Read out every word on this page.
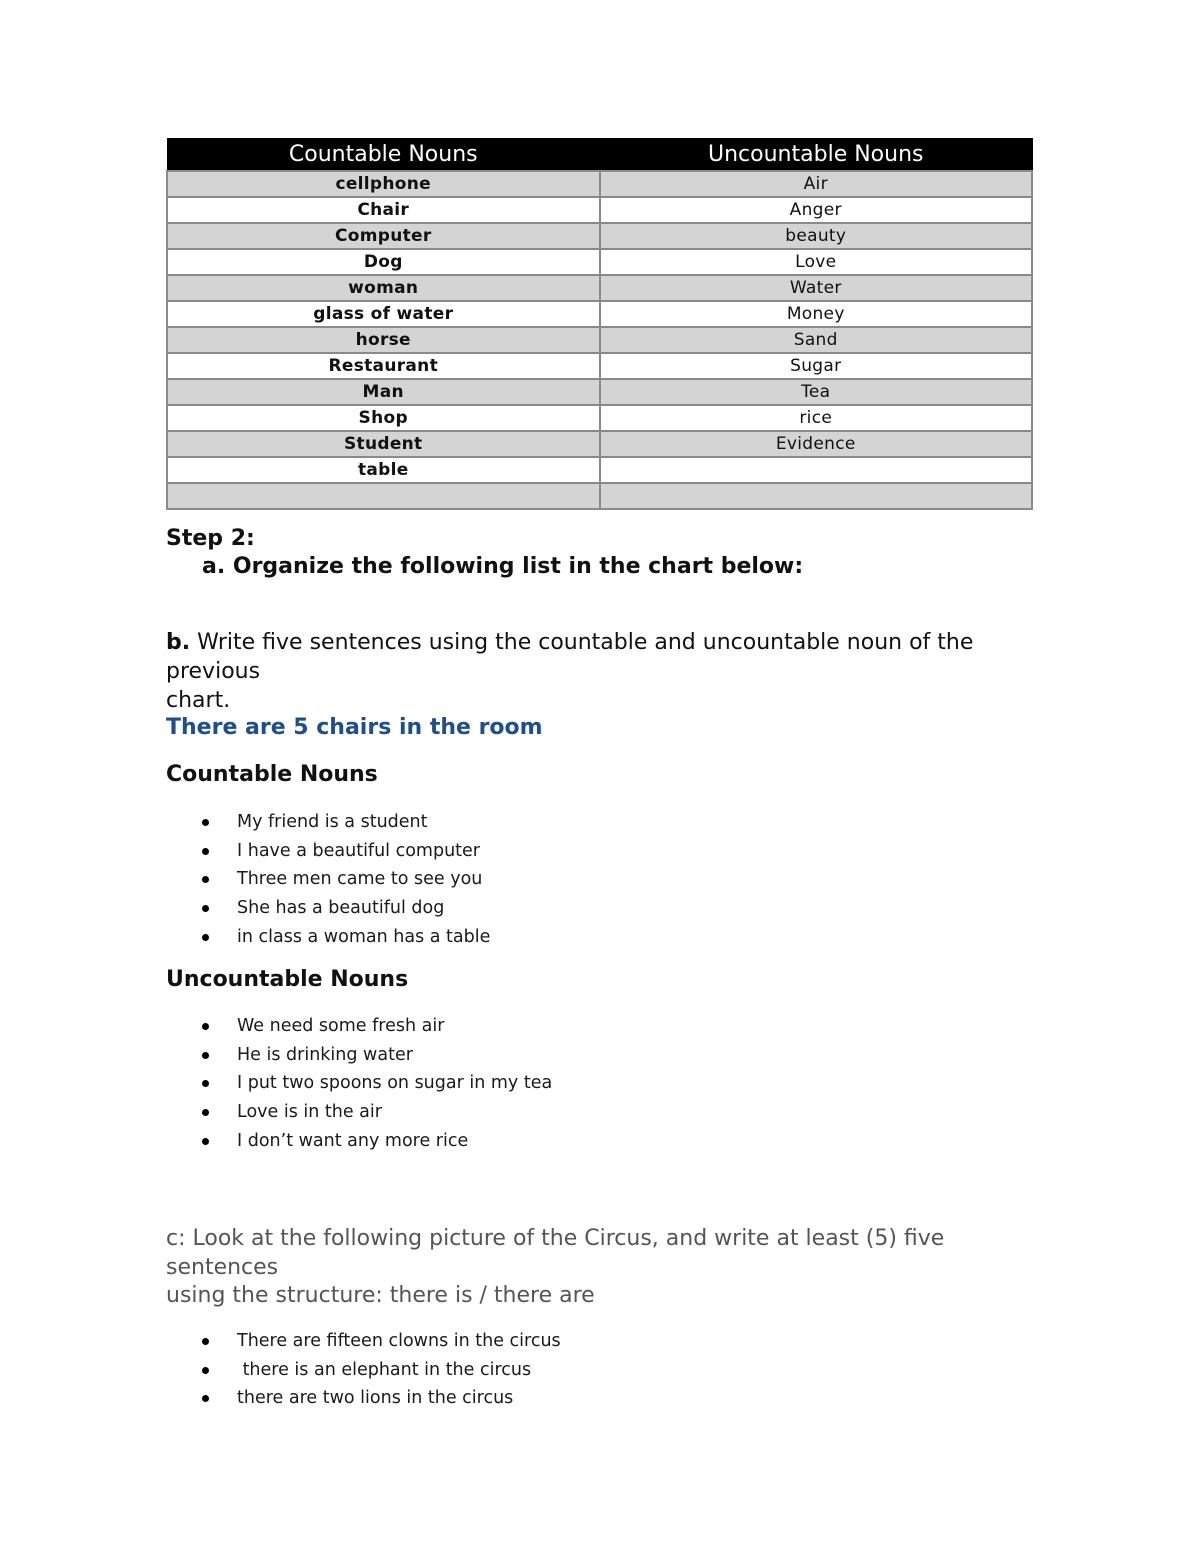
Countable Nouns	Uncountable Nouns
cellphone	Air
Chair	Anger
Computer	beauty
Dog	Love
woman	Water
glass of water	Money
horse	Sand
Restaurant	Sugar
Man	Tea
Shop	rice
Student	Evidence
table	

Step 2:
a. Organize the following list in the chart below:
b. Write five sentences using the countable and uncountable noun of the previous
chart.
There are 5 chairs in the room
Countable Nouns
My friend is a student
I have a beautiful computer
Three men came to see you
She has a beautiful dog
in class a woman has a table
Uncountable Nouns
We need some fresh air
He is drinking water
I put two spoons on sugar in my tea
Love is in the air
I don’t want any more rice
c: Look at the following picture of the Circus, and write at least (5) five sentences
using the structure: there is / there are
There are fifteen clowns in the circus
there is an elephant in the circus
there are two lions in the circus
